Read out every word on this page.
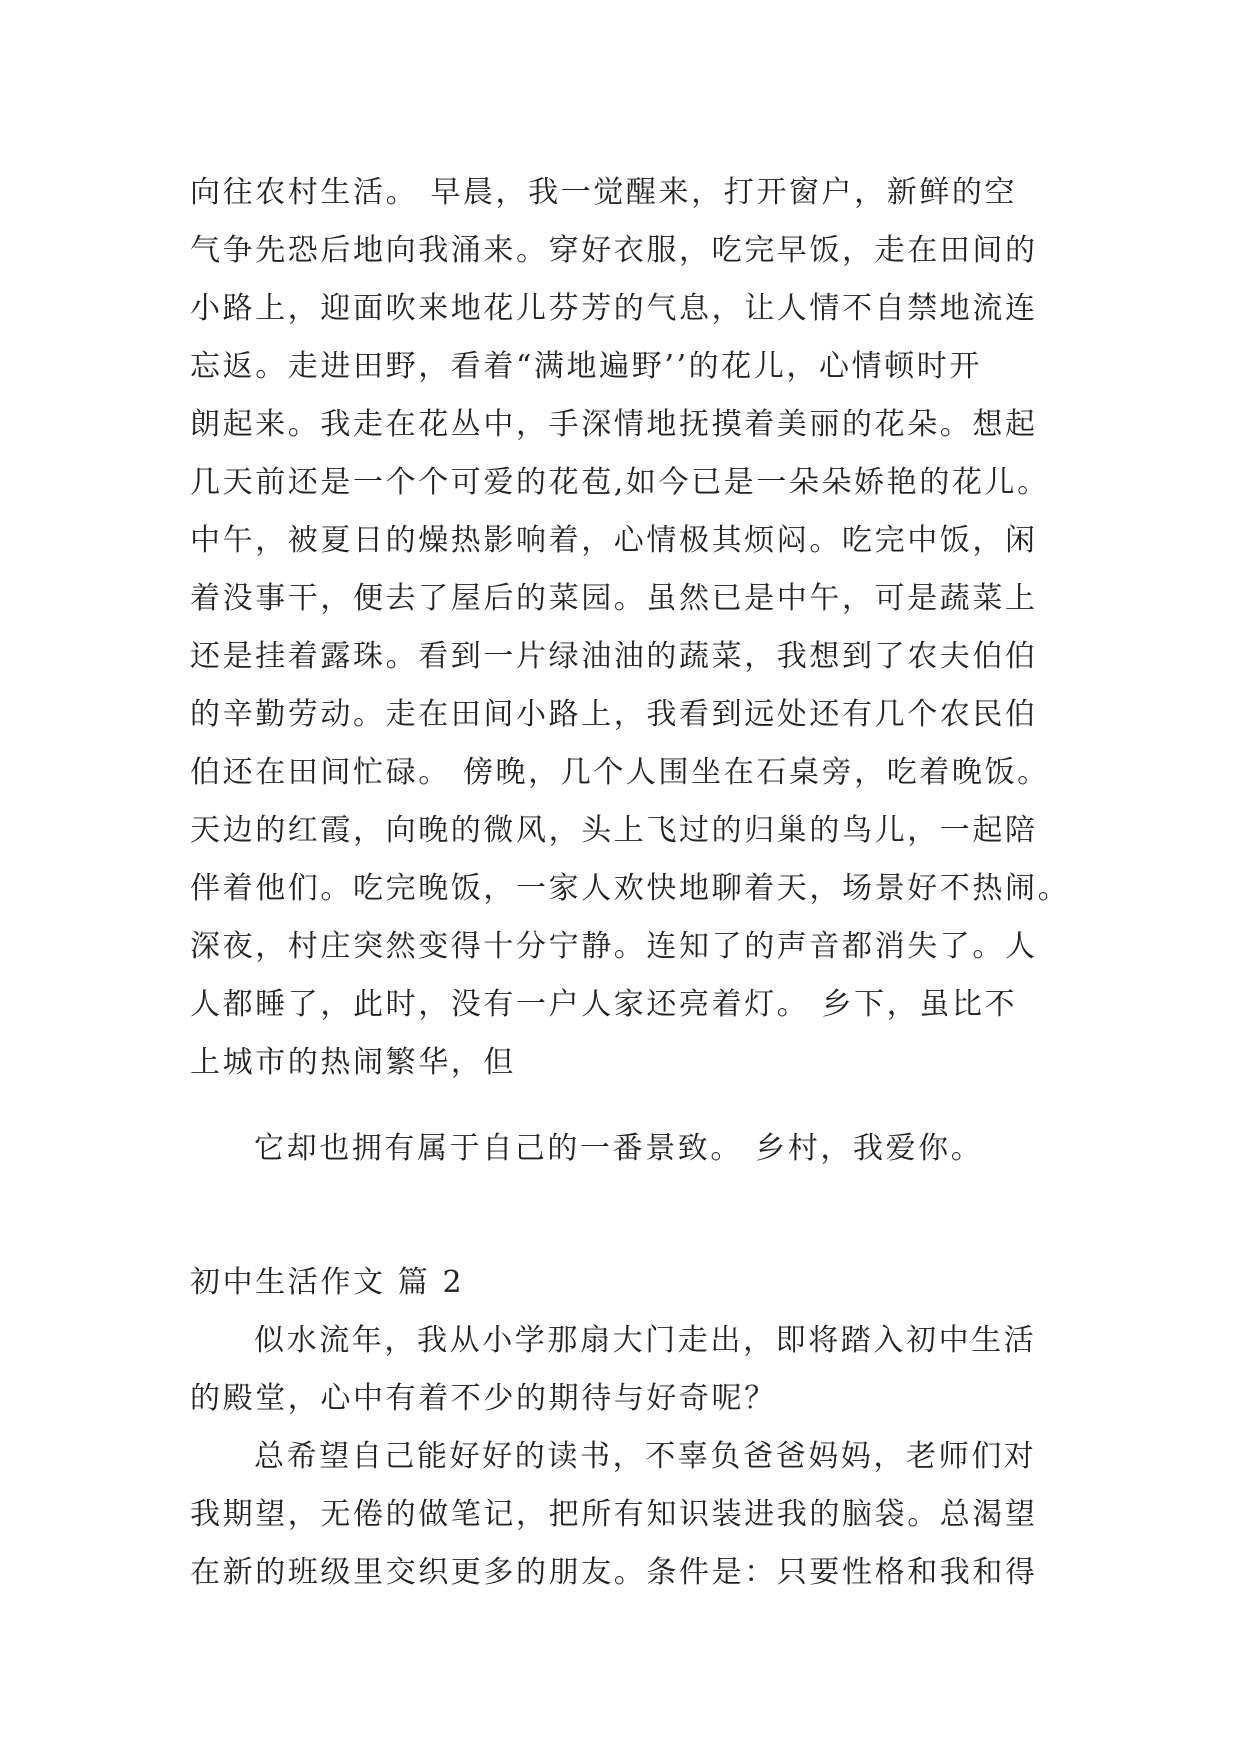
向往农村生活。 早晨，我一觉醒来，打开窗户，新鲜的空
气争先恐后地向我涌来。穿好衣服，吃完早饭，走在田间的
小路上，迎面吹来地花儿芬芳的气息，让人情不自禁地流连
忘返。走进田野，看着“满地遍野’’的花儿，心情顿时开
朗起来。我走在花丛中，手深情地抚摸着美丽的花朵。想起
几天前还是一个个可爱的花苞,如今已是一朵朵娇艳的花儿。
中午，被夏日的燥热影响着，心情极其烦闷。吃完中饭，闲
着没事干，便去了屋后的菜园。虽然已是中午，可是蔬菜上
还是挂着露珠。看到一片绿油油的蔬菜，我想到了农夫伯伯
的辛勤劳动。走在田间小路上，我看到远处还有几个农民伯
伯还在田间忙碌。 傍晚，几个人围坐在石桌旁，吃着晚饭。
天边的红霞，向晚的微风，头上飞过的归巢的鸟儿，一起陪
伴着他们。吃完晚饭，一家人欢快地聊着天，场景好不热闹。
深夜，村庄突然变得十分宁静。连知了的声音都消失了。人
人都睡了，此时，没有一户人家还亮着灯。 乡下，虽比不
上城市的热闹繁华，但
它却也拥有属于自己的一番景致。 乡村，我爱你。
初中生活作文 篇 2
似水流年，我从小学那扇大门走出，即将踏入初中生活
的殿堂，心中有着不少的期待与好奇呢？
总希望自己能好好的读书，不辜负爸爸妈妈，老师们对
我期望，无倦的做笔记，把所有知识装进我的脑袋。总渴望
在新的班级里交织更多的朋友。条件是：只要性格和我和得
